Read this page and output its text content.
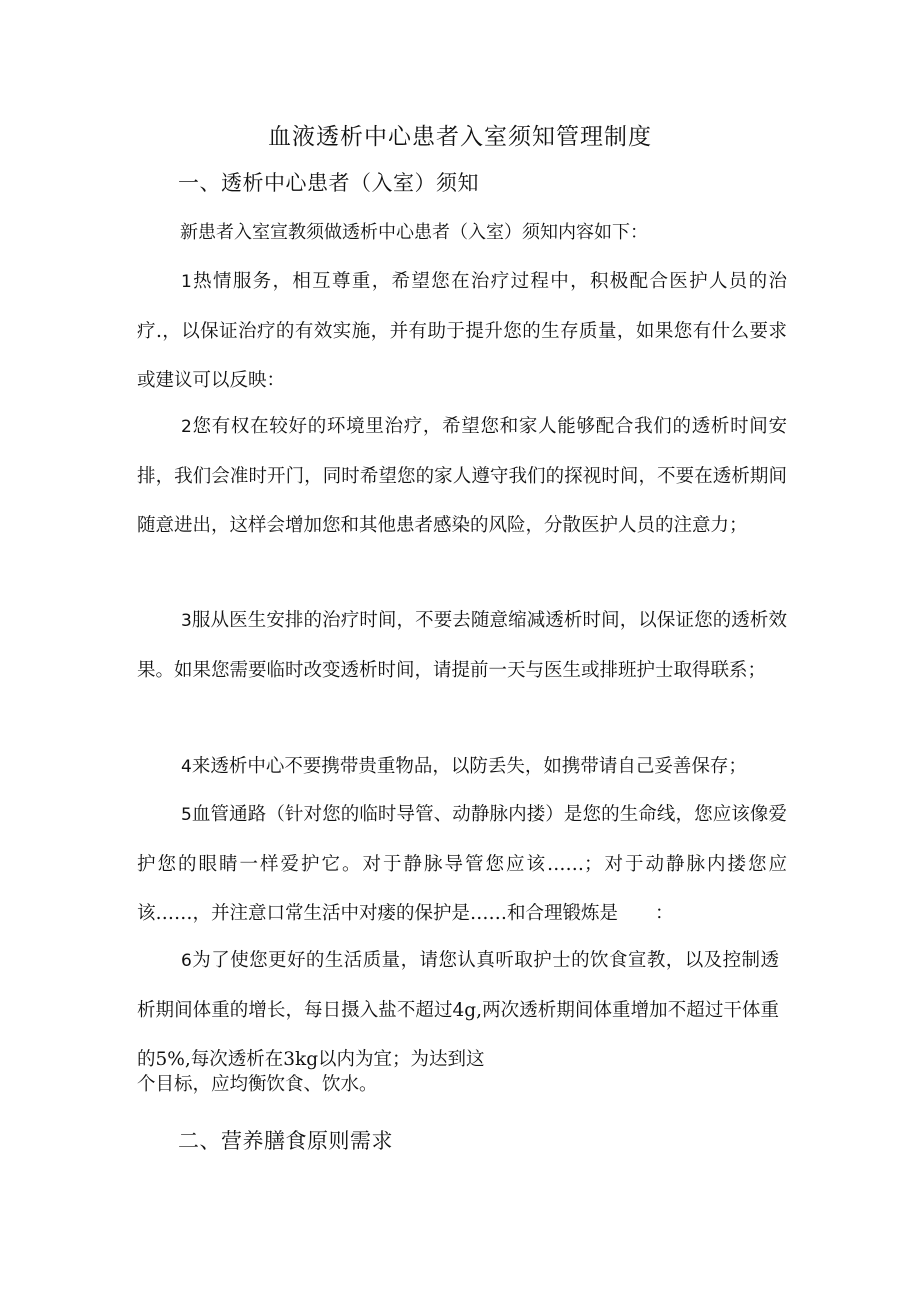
血液透析中心患者入室须知管理制度
一、透析中心患者（入室）须知
新患者入室宣教须做透析中心患者（入室）须知内容如下：
1热情服务，相互尊重，希望您在治疗过程中，积极配合医护人员的治疗.，以保证治疗的有效实施，并有助于提升您的生存质量，如果您有什么要求或建议可以反映：
2您有权在较好的环境里治疗，希望您和家人能够配合我们的透析时间安排，我们会准时开门，同时希望您的家人遵守我们的探视时间，不要在透析期间随意进出，这样会增加您和其他患者感染的风险，分散医护人员的注意力；
3服从医生安排的治疗时间，不要去随意缩减透析时间，以保证您的透析效果。如果您需要临时改变透析时间，请提前一天与医生或排班护士取得联系；
4来透析中心不要携带贵重物品，以防丢失，如携带请自己妥善保存；
5血管通路（针对您的临时导管、动静脉内搂）是您的生命线，您应该像爱护您的眼睛一样爱护它。对于静脉导管您应该……；对于动静脉内搂您应该……，并注意口常生活中对瘘的保护是……和合理锻炼是　　：
6为了使您更好的生活质量，请您认真听取护士的饮食宣教，以及控制透析期间体重的增长，每日摄入盐不超过4g,两次透析期间体重增加不超过干体重的5%,每次透析在3kg以内为宜；为达到这
个目标，应均衡饮食、饮水。
二、营养膳食原则需求
